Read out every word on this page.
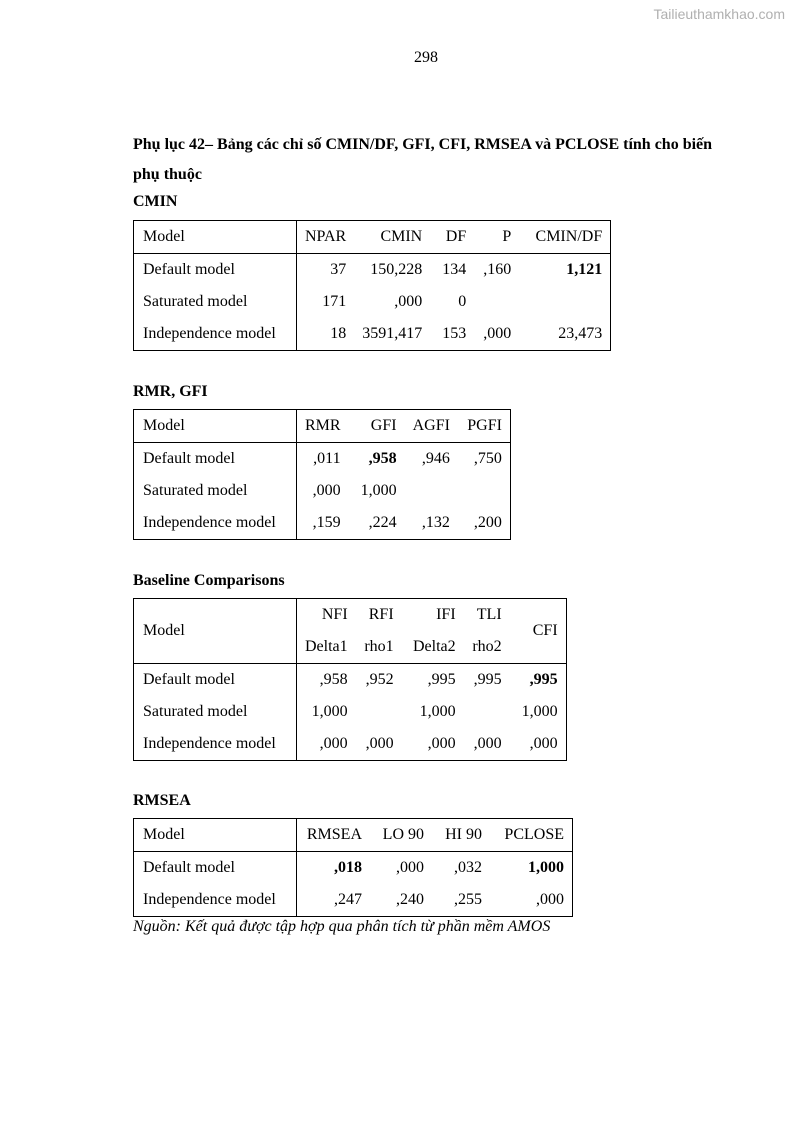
Tailieuthamkhao.com
298
Phụ lục 42– Bảng các chỉ số CMIN/DF, GFI, CFI, RMSEA và PCLOSE tính cho biến phụ thuộc
CMIN
Model	NPAR	CMIN	DF	P	CMIN/DF
Default model	37	150,228	134	,160	1,121
Saturated model	171	,000	0		
Independence model	18	3591,417	153	,000	23,473
RMR, GFI
Model	RMR	GFI	AGFI	PGFI
Default model	,011	,958	,946	,750
Saturated model	,000	1,000		
Independence model	,159	,224	,132	,200
Baseline Comparisons
Model	NFI	RFI	IFI	TLI	CFI
	Delta1	rho1	Delta2	rho2	
Default model	,958	,952	,995	,995	,995
Saturated model	1,000		1,000		1,000
Independence model	,000	,000	,000	,000	,000
RMSEA
Model	RMSEA	LO 90	HI 90	PCLOSE
Default model	,018	,000	,032	1,000
Independence model	,247	,240	,255	,000
Nguồn: Kết quả được tập hợp qua phân tích từ phần mềm AMOS
